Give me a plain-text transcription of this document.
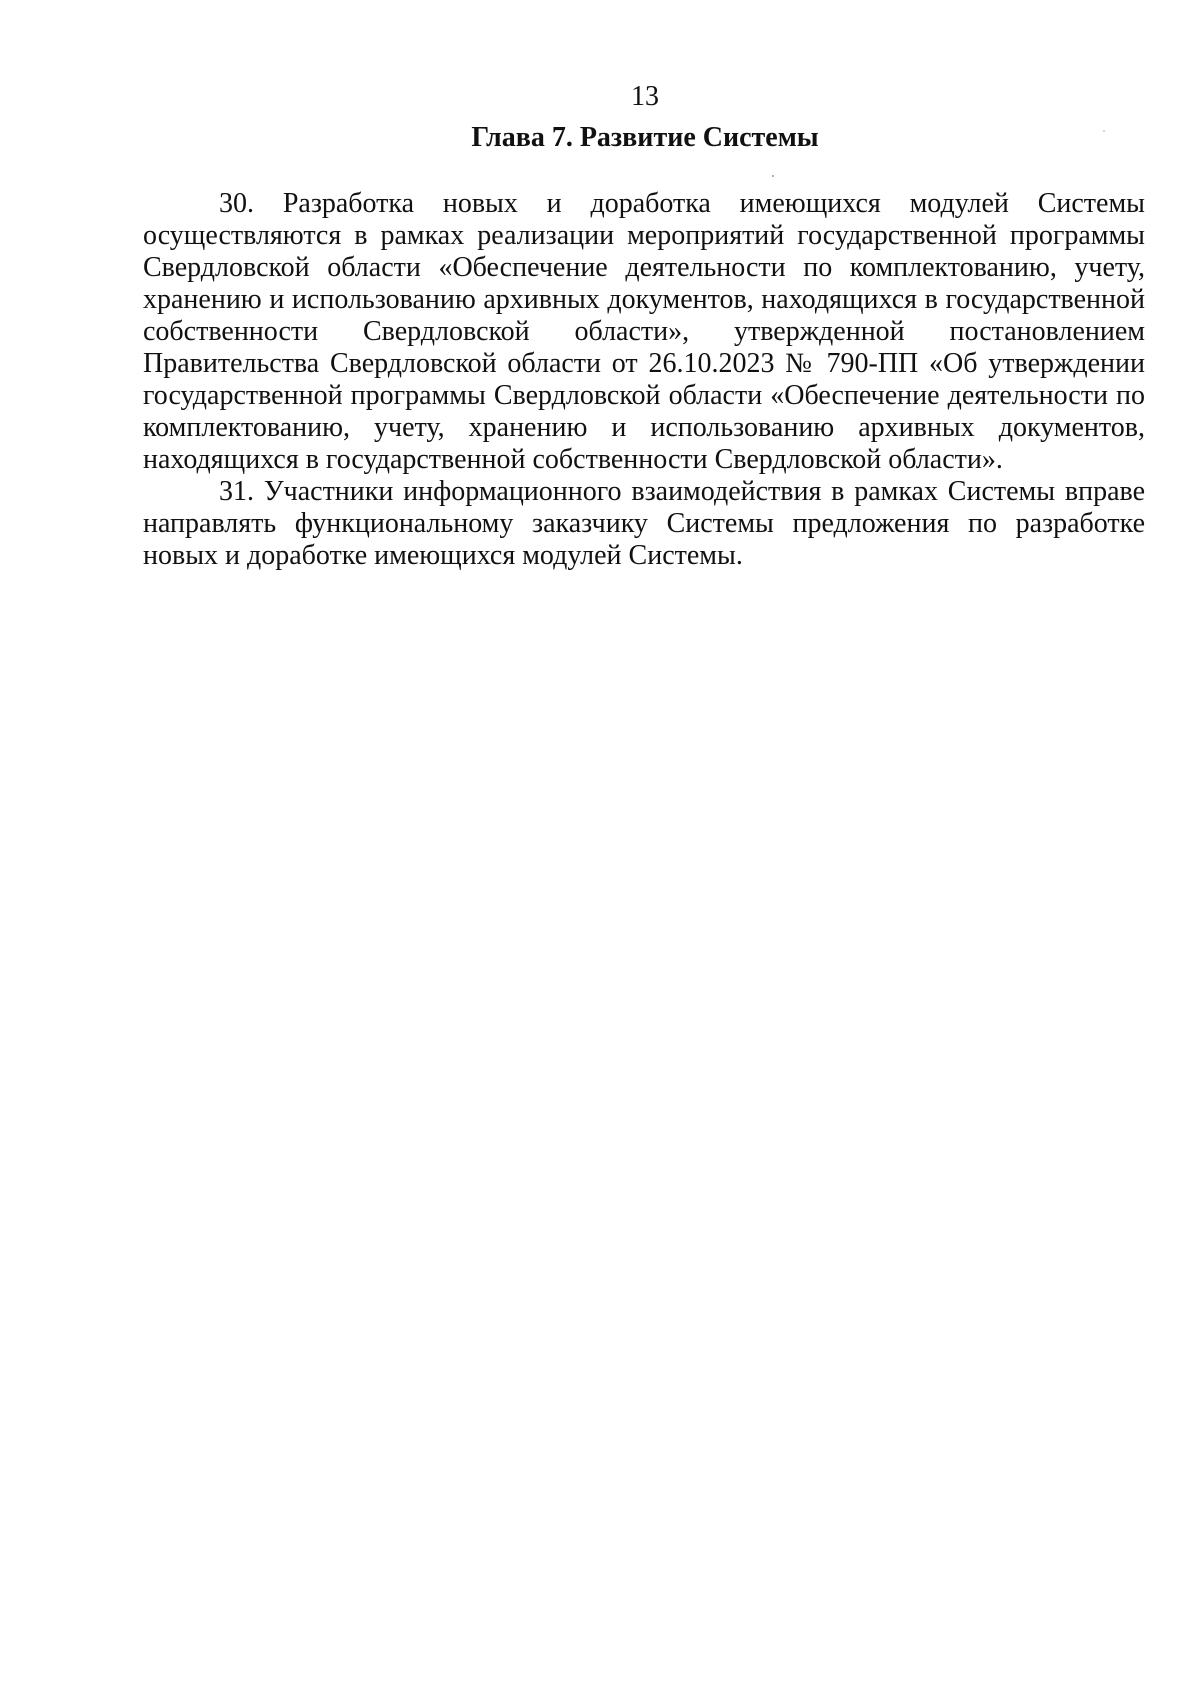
13
Глава 7. Развитие Системы

30. Разработка новых и доработка имеющихся модулей Системы осуществляются в рамках реализации мероприятий государственной программы Свердловской области «Обеспечение деятельности по комплектованию, учету, хранению и использованию архивных документов, находящихся в государственной собственности Свердловской области», утвержденной постановлением Правительства Свердловской области от 26.10.2023 № 790-ПП «Об утверждении государственной программы Свердловской области «Обеспечение деятельности по комплектованию, учету, хранению и использованию архивных документов, находящихся в государственной собственности Свердловской области».

31. Участники информационного взаимодействия в рамках Системы вправе направлять функциональному заказчику Системы предложения по разработке новых и доработке имеющихся модулей Системы.
